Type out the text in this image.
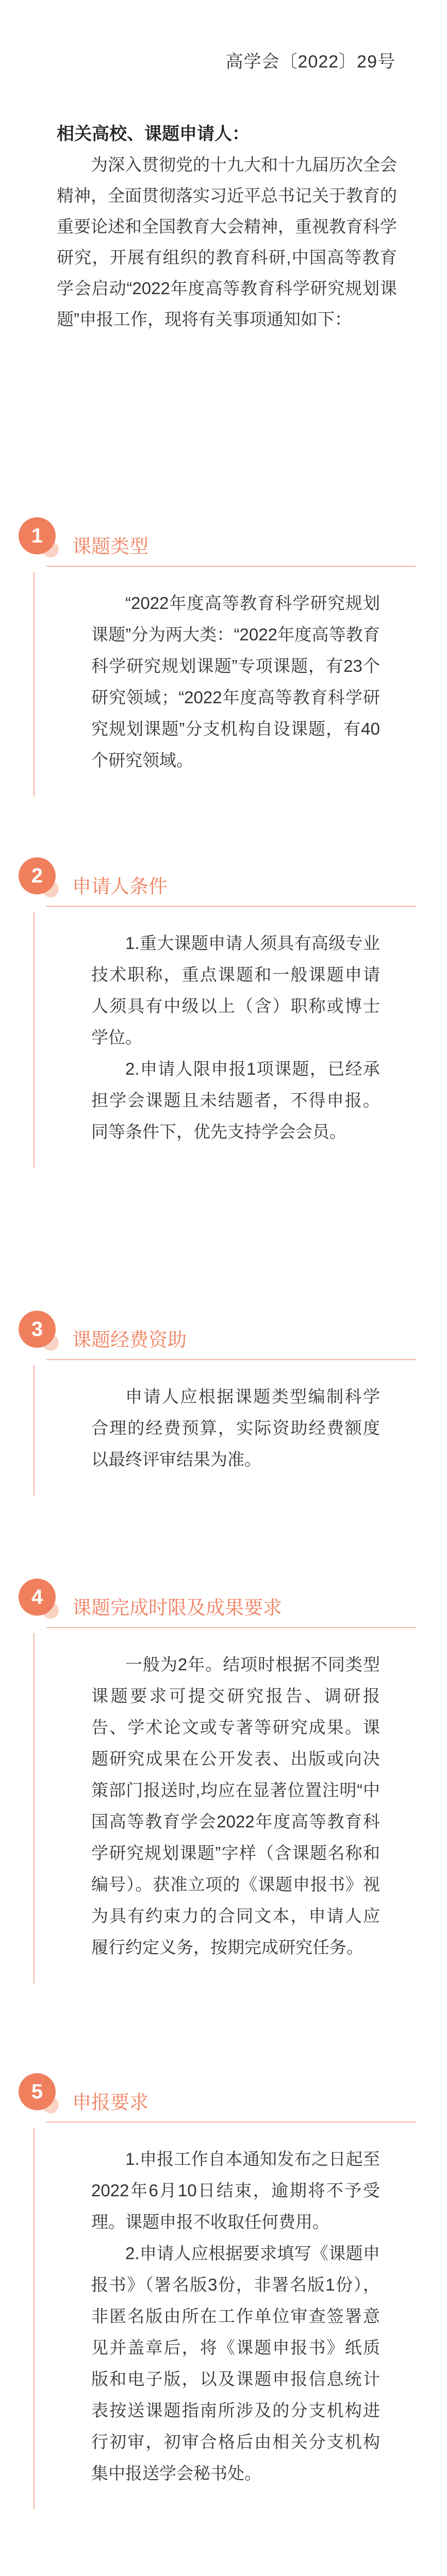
高学会〔2022〕29号
相关高校、课题申请人：

为深入贯彻党的十九大和十九届历次全会精神，全面贯彻落实习近平总书记关于教育的重要论述和全国教育大会精神，重视教育科学研究，开展有组织的教育科研,中国高等教育学会启动“2022年度高等教育科学研究规划课题”申报工作，现将有关事项通知如下：

1	课题类型

“2022年度高等教育科学研究规划课题”分为两大类：“2022年度高等教育科学研究规划课题”专项课题，有23个研究领域；“2022年度高等教育科学研究规划课题”分支机构自设课题，有40个研究领域。

2	申请人条件

1.重大课题申请人须具有高级专业技术职称，重点课题和一般课题申请人须具有中级以上（含）职称或博士学位。

2.申请人限申报1项课题，已经承担学会课题且未结题者，不得申报。同等条件下，优先支持学会会员。

3	课题经费资助

申请人应根据课题类型编制科学合理的经费预算，实际资助经费额度以最终评审结果为准。

4	课题完成时限及成果要求

一般为2年。结项时根据不同类型课题要求可提交研究报告、调研报告、学术论文或专著等研究成果。课题研究成果在公开发表、出版或向决策部门报送时,均应在显著位置注明“中国高等教育学会2022年度高等教育科学研究规划课题”字样（含课题名称和编号）。获准立项的《课题申报书》视为具有约束力的合同文本，申请人应履行约定义务，按期完成研究任务。

5	申报要求

1.申报工作自本通知发布之日起至2022年6月10日结束，逾期将不予受理。课题申报不收取任何费用。

2.申请人应根据要求填写《课题申报书》（署名版3份，非署名版1份），非匿名版由所在工作单位审查签署意见并盖章后，将《课题申报书》纸质版和电子版，以及课题申报信息统计表按送课题指南所涉及的分支机构进行初审，初审合格后由相关分支机构集中报送学会秘书处。
